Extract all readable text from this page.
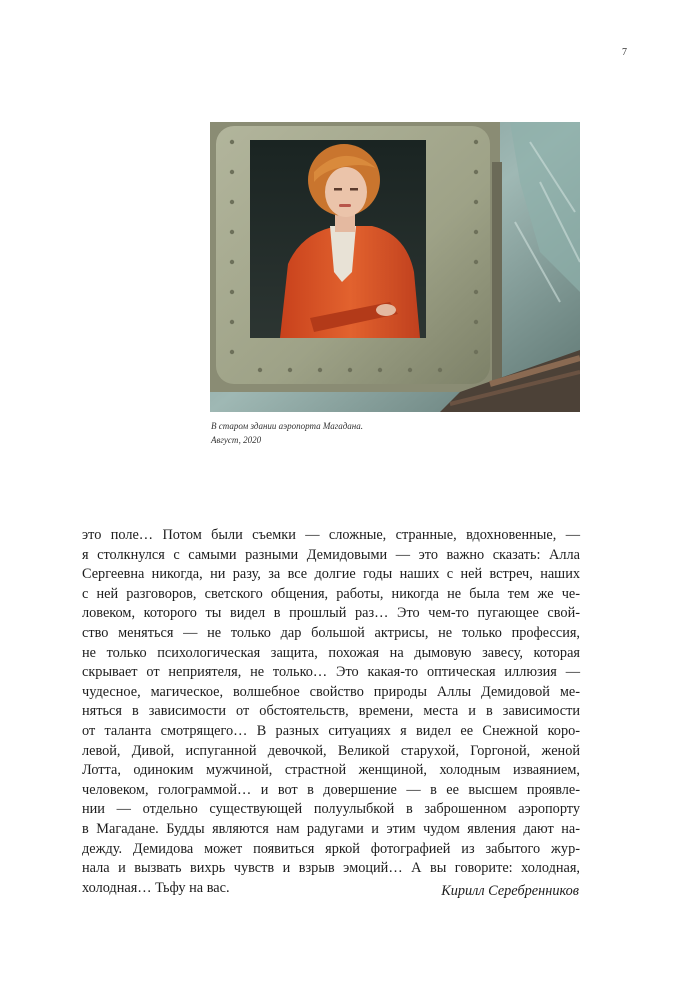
7
В старом здании аэропорта Магадана.
Август, 2020
это поле… Потом были съемки — сложные, странные, вдохновенные, —
я столкнулся с самыми разными Демидовыми — это важно сказать: Алла
Сергеевна никогда, ни разу, за все долгие годы наших с ней встреч, наших
с ней разговоров, светского общения, работы, никогда не была тем же че-
ловеком, которого ты видел в прошлый раз… Это чем-то пугающее свой-
ство меняться — не только дар большой актрисы, не только профессия,
не только психологическая защита, похожая на дымовую завесу, которая
скрывает от неприятеля, не только… Это какая-то оптическая иллюзия —
чудесное, магическое, волшебное свойство природы Аллы Демидовой ме-
няться в зависимости от обстоятельств, времени, места и в зависимости
от таланта смотрящего… В разных ситуациях я видел ее Снежной коро-
левой, Дивой, испуганной девочкой, Великой старухой, Горгоной, женой
Лотта, одиноким мужчиной, страстной женщиной, холодным изваянием,
человеком, голограммой… и вот в довершение — в ее высшем проявле-
нии — отдельно существующей полуулыбкой в заброшенном аэропорту
в Магадане. Будды являются нам радугами и этим чудом явления дают на-
дежду. Демидова может появиться яркой фотографией из забытого жур-
нала и вызвать вихрь чувств и взрыв эмоций… А вы говорите: холодная,
холодная… Тьфу на вас.	Кирилл Серебренников
